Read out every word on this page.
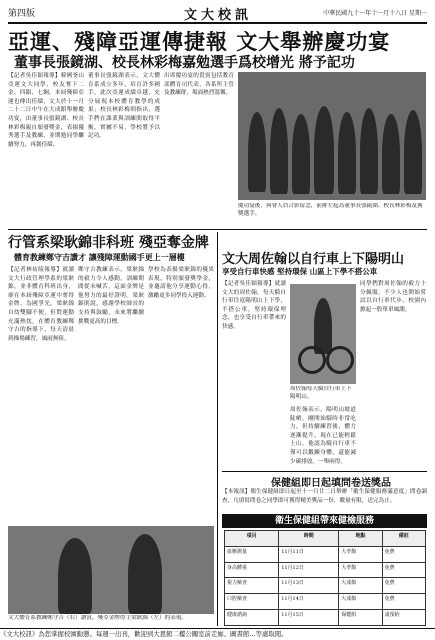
第四版	文大校訊	中華民國九十一年十一月十八日 星期一
亞運、殘障亞運傳捷報 文大舉辦慶功宴
董事長張鏡湖、校長林彩梅嘉勉選手爲校增光 將予記功

【記者吳佳穎報導】韓國釜山亞運文大同學、校友奪下二金、四銀、七銅，本屆殘障亞運也傳出佳績，文大於十一月二十二日中午在大成館舉辦慶功宴，由董事長張鏡湖、校長林彩梅親自頒發獎金，表揚優秀選手及教練，並期勉同學繼續努力，再創佳績。

董事長張鏡湖表示，文大體育系成立多年，培育許多國手，此次亞運成績卓越，充分展現本校體育教學的成果；校長林彩梅則指出，選手們在課業與訓練間取得平衡，實屬不易，學校將予以記功。

出席慶功宴的貴賓包括教育部體育司代表、各系所主管及教練群，場面熱烈溫馨。

慶功宴後，與會人員合影留念，前排左起為董事長張鏡湖、校長林彩梅及獲獎選手。
行管系梁耿錦非科班 殘亞奪金牌
體育教練鄭守吉讚才 讓殘障運動國手更上一層樓

【記者林祐陵報導】就讀文大行政管理學系的梁耿錦，並非體育科班出身，卻在本屆殘障亞運中奪得金牌，為國爭光。梁耿錦自幼雙腳不便，但對運動充滿熱忱，在體育教練鄭守吉的指導下，每天清晨到操場練習，風雨無阻。

鄭守吉教練表示，梁耿錦的毅力令人感動，訓練期間從未喊苦，這面金牌是他努力的最好證明。梁耿錦則說，感謝學校師長的支持與鼓勵，未來將繼續挑戰更高的目標。

學校為表揚梁耿錦的優異表現，特別頒發獎學金，並邀請他分享運動心得，激勵更多同學投入運動。

文大體育系教練鄭守吉（右）讚賞，殘亞金牌得主梁耿錦（左）的表現。
文大周佐翰以自行車上下陽明山
享受自行車快感 堅持環保 山區上下學不搭公車

【記者吳佳穎報導】就讀文大的周佐翰，每天騎自行車往返陽明山上下學，不搭公車，堅持環保理念，也享受自行車帶來的快感。

周佐翰每天騎自行車上下陽明山。

周佐翰表示，陽明山坡道陡峭，剛開始騎時非常吃力，但持續練習後，體力逐漸提升，現在已能輕鬆上山。他認為騎自行車不僅可以鍛鍊身體，還能減少碳排放，一舉兩得。

同學們對周佐翰的毅力十分佩服，不少人也開始嘗試以自行車代步，校園內掀起一股單車風潮。

保健組即日起填問卷送獎品

【本報訊】衛生保健組即日起至十一月廿二日舉辦「衛生保健服務滿意度」問卷調查，凡填寫問卷之同學即可獲得精美獎品一份，數量有限，送完為止。

衛生保健組帶來健檢服務
項目	時間	地點	備註
血壓測量	11月11日	大孝館	免費
身高體重	11月12日	大孝館	免費
視力檢查	11月13日	大成館	免費
口腔檢查	11月14日	大成館	免費
健康諮詢	11月15日	保健組	請預約
《文大校訊》為您掌握校園動態。每週一出刊，歡迎到大恩館二樓公關室前走廊、圖書館…等處取閱。
